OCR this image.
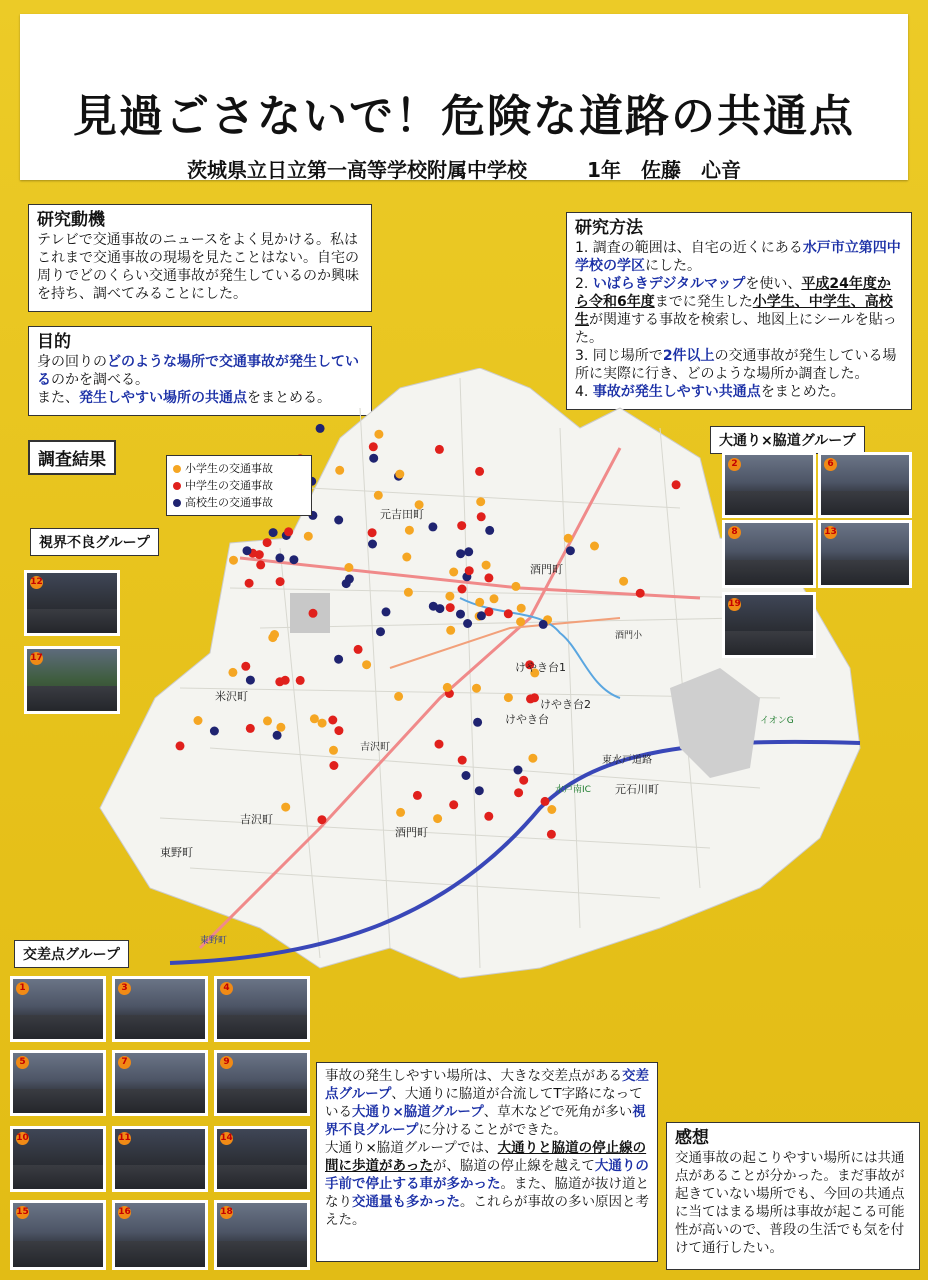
見過ごさないで！危険な道路の共通点
茨城県立日立第一高等学校附属中学校　　　1年　佐藤　心音
研究動機
テレビで交通事故のニュースをよく見かける。私はこれまで交通事故の現場を見たことはない。自宅の周りでどのくらい交通事故が発生しているのか興味を持ち、調べてみることにした。
目的
身の回りのどのような場所で交通事故が発生しているのかを調べる。
また、発生しやすい場所の共通点をまとめる。
研究方法
1. 調査の範囲は、自宅の近くにある水戸市立第四中学校の学区にした。
2. いばらきデジタルマップを使い、平成24年度から令和6年度までに発生した小学生、中学生、高校生が関連する事故を検索し、地図上にシールを貼った。
3. 同じ場所で2件以上の交通事故が発生している場所に実際に行き、どのような場所か調査した。
4. 事故が発生しやすい共通点をまとめた。
調査結果
視界不良グループ
交差点グループ
大通り×脇道グループ
元吉田町
酒門町
けやき台1
けやき台
けやき台2
米沢町
吉沢町
元石川町
東野町
酒門町
東水戸道路
水戸南IC
酒門小
イオンG
吉沢町
東野町
小学生の交通事故
中学生の交通事故
高校生の交通事故
2	6
8	13
19
12
17
1	3	4
5	7	9
10	11	14
15	16	18
事故の発生しやすい場所は、大きな交差点がある交差点グループ、大通りに脇道が合流してT字路になっている大通り×脇道グループ、草木などで死角が多い視界不良グループに分けることができた。
大通り×脇道グループでは、大通りと脇道の停止線の間に歩道があったが、脇道の停止線を越えて大通りの手前で停止する車が多かった。また、脇道が抜け道となり交通量も多かった。これらが事故の多い原因と考えた。
感想
交通事故の起こりやすい場所には共通点があることが分かった。まだ事故が起きていない場所でも、今回の共通点に当てはまる場所は事故が起こる可能性が高いので、普段の生活でも気を付けて通行したい。
